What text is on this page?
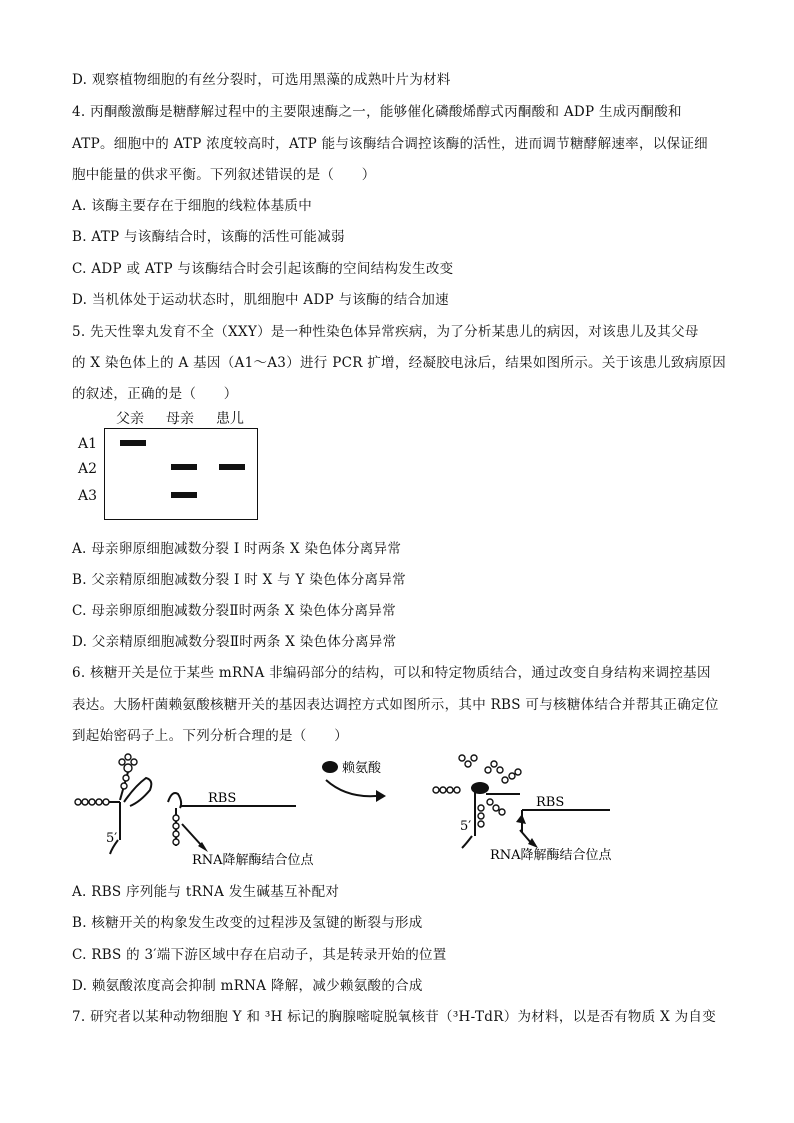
D. 观察植物细胞的有丝分裂时，可选用黑藻的成熟叶片为材料
4. 丙酮酸激酶是糖酵解过程中的主要限速酶之一，能够催化磷酸烯醇式丙酮酸和 ADP 生成丙酮酸和
ATP。细胞中的 ATP 浓度较高时，ATP 能与该酶结合调控该酶的活性，进而调节糖酵解速率，以保证细
胞中能量的供求平衡。下列叙述错误的是（　　）
A. 该酶主要存在于细胞的线粒体基质中
B. ATP 与该酶结合时，该酶的活性可能减弱
C. ADP 或 ATP 与该酶结合时会引起该酶的空间结构发生改变
D. 当机体处于运动状态时，肌细胞中 ADP 与该酶的结合加速
5. 先天性睾丸发育不全（XXY）是一种性染色体异常疾病，为了分析某患儿的病因，对该患儿及其父母
的 X 染色体上的 A 基因（A1～A3）进行 PCR 扩增，经凝胶电泳后，结果如图所示。关于该患儿致病原因
的叙述，正确的是（　　）
父亲 母亲 患儿
A1
A2
A3
A. 母亲卵原细胞减数分裂 I 时两条 X 染色体分离异常
B. 父亲精原细胞减数分裂 I 时 X 与 Y 染色体分离异常
C. 母亲卵原细胞减数分裂Ⅱ时两条 X 染色体分离异常
D. 父亲精原细胞减数分裂Ⅱ时两条 X 染色体分离异常
6. 核糖开关是位于某些 mRNA 非编码部分的结构，可以和特定物质结合，通过改变自身结构来调控基因
表达。大肠杆菌赖氨酸核糖开关的基因表达调控方式如图所示，其中 RBS 可与核糖体结合并帮其正确定位
到起始密码子上。下列分析合理的是（　　）
赖氨酸
RBS
5′
RNA降解酶结合位点
RBS
5′
RNA降解酶结合位点
A. RBS 序列能与 tRNA 发生碱基互补配对
B. 核糖开关的构象发生改变的过程涉及氢键的断裂与形成
C. RBS 的 3′端下游区域中存在启动子，其是转录开始的位置
D. 赖氨酸浓度高会抑制 mRNA 降解，减少赖氨酸的合成
7. 研究者以某种动物细胞 Y 和 ³H 标记的胸腺嘧啶脱氧核苷（³H-TdR）为材料，以是否有物质 X 为自变
